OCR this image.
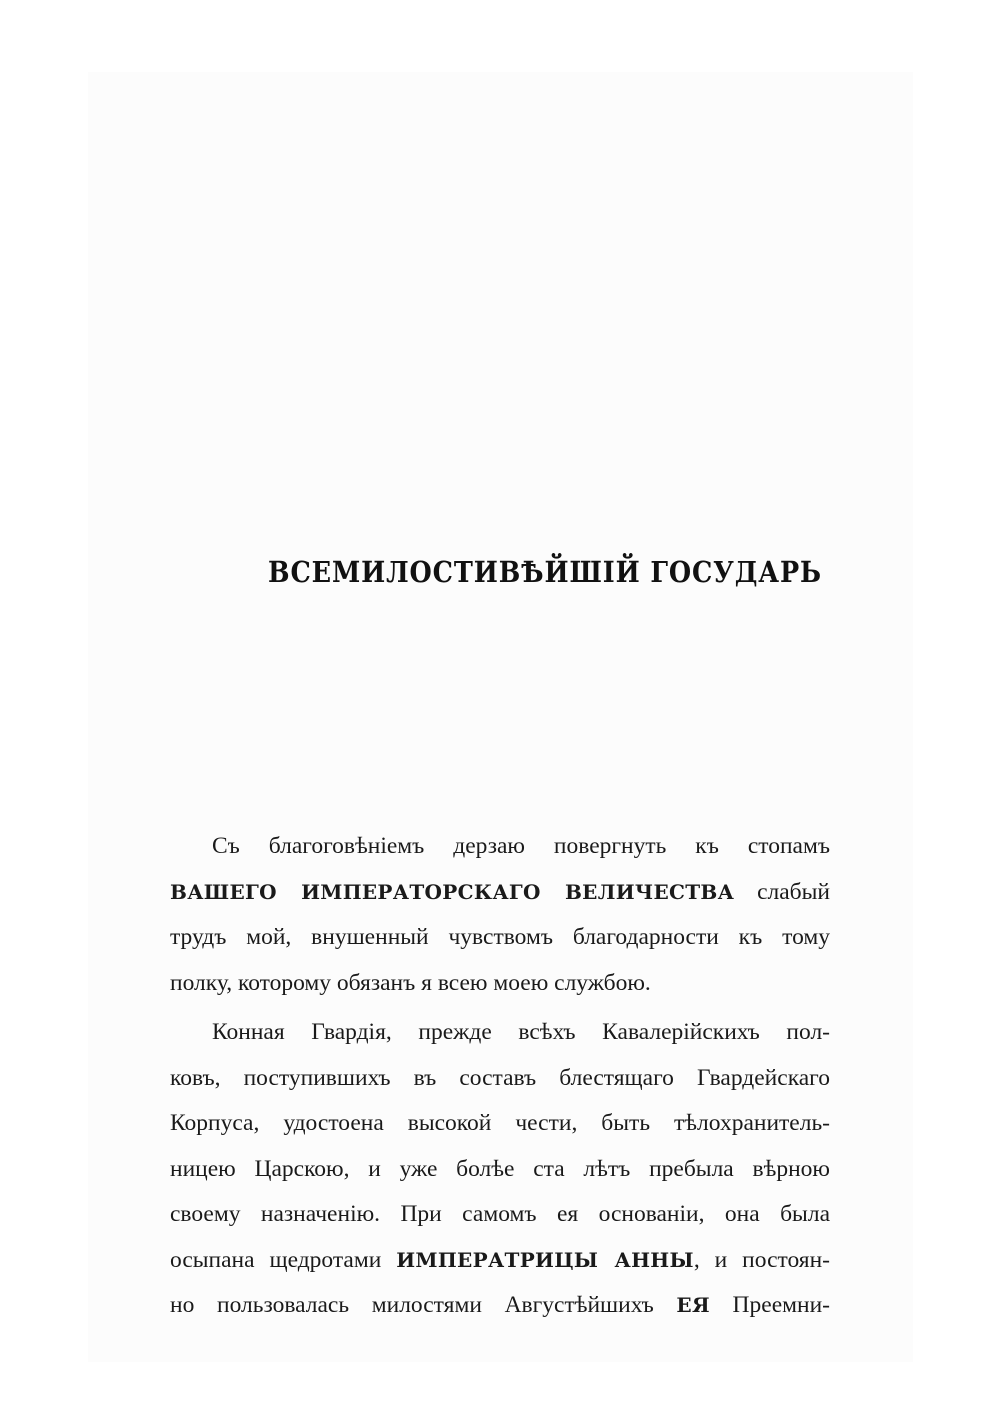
ВСЕМИЛОСТИВѢЙШІЙ ГОСУДАРЬ
Съ благоговѣніемъ дерзаю повергнуть къ стопамъ
ВАШЕГО ИМПЕРАТОРСКАГО ВЕЛИЧЕСТВА слабый
трудъ мой, внушенный чувствомъ благодарности къ тому
полку, которому обязанъ я всею моею службою.
Конная Гвардія, прежде всѣхъ Кавалерійскихъ пол-
ковъ, поступившихъ въ составъ блестящаго Гвардейскаго
Корпуса, удостоена высокой чести, быть тѣлохранитель-
ницею Царскою, и уже болѣе ста лѣтъ пребыла вѣрною
своему назначенію. При самомъ ея основаніи, она была
осыпана щедротами ИМПЕРАТРИЦЫ АННЫ, и постоян-
но пользовалась милостями Августѣйшихъ ЕЯ Преемни-
